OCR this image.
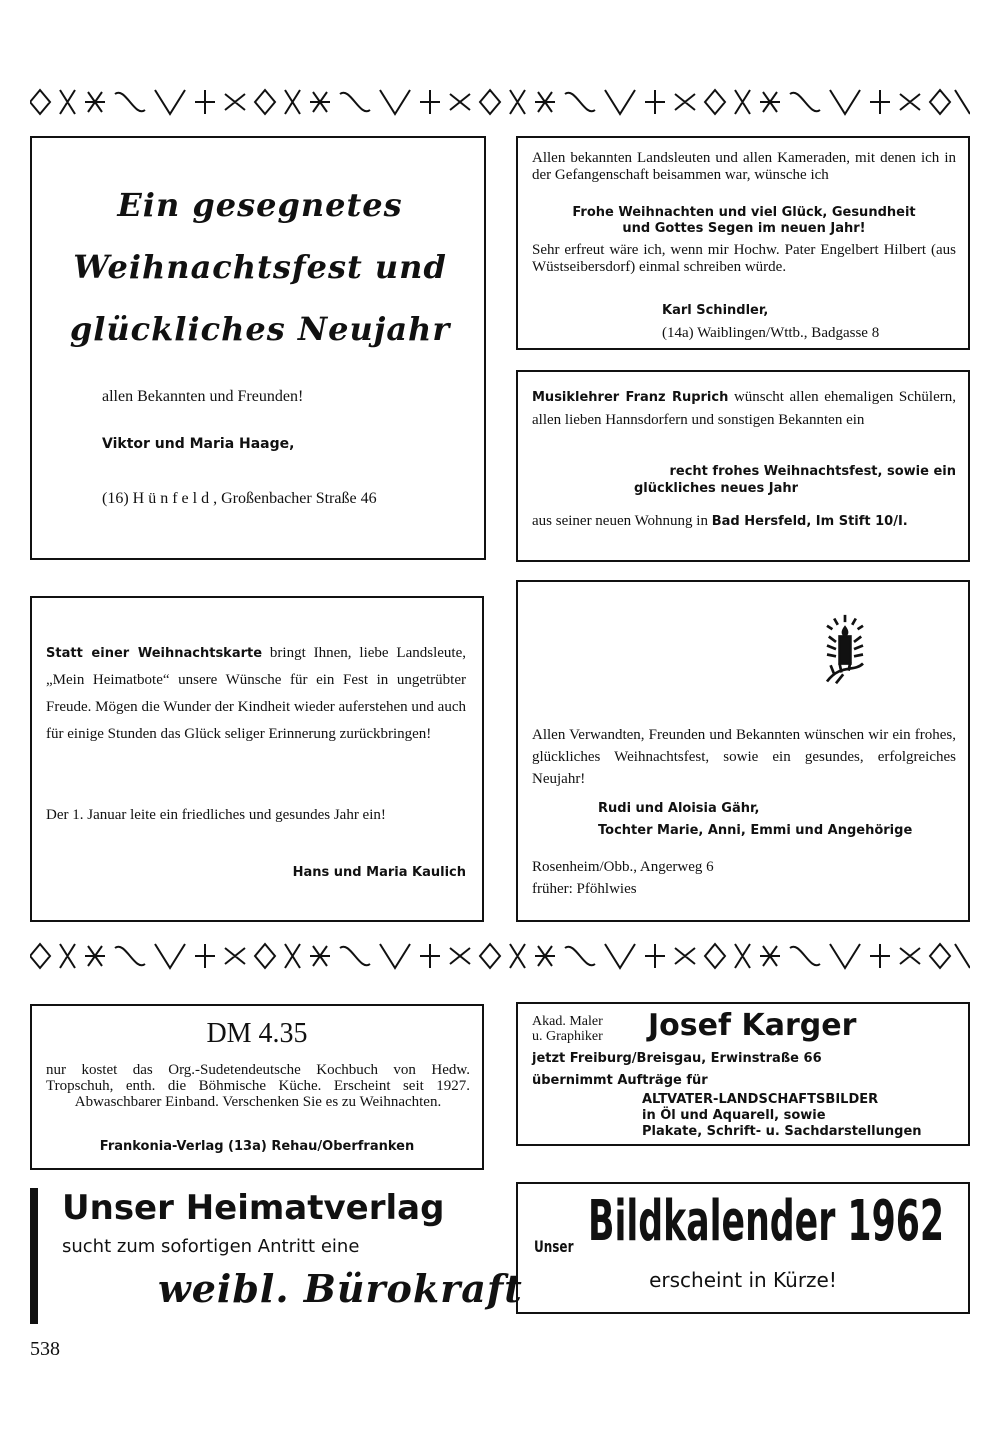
Ein gesegnetes
Weihnachtsfest und
glückliches Neujahr
allen Bekannten und Freunden!
Viktor und Maria Haage,
(16) H ü n f e l d , Großenbacher Straße 46
Allen bekannten Landsleuten und allen Kameraden, mit denen ich in der Gefangenschaft beisammen war, wünsche ich
Frohe Weihnachten und viel Glück, Gesundheit
und Gottes Segen im neuen Jahr!
Sehr erfreut wäre ich, wenn mir Hochw. Pater Engelbert Hilbert (aus Wüstseibersdorf) einmal schreiben würde.
Karl Schindler,
(14a) Waiblingen/Wttb., Badgasse 8
Musiklehrer Franz Ruprich wünscht allen ehemaligen Schülern, allen lieben Hannsdorfern und sonstigen Bekannten ein
recht frohes Weihnachtsfest, sowie ein
glückliches neues Jahr
aus seiner neuen Wohnung in Bad Hersfeld, Im Stift 10/I.
Statt einer Weihnachtskarte bringt Ihnen, liebe Landsleute, „Mein Heimatbote“ unsere Wünsche für ein Fest in ungetrübter Freude. Mögen die Wunder der Kindheit wieder auferstehen und auch für einige Stunden das Glück seliger Erinnerung zurückbringen!
Der 1. Januar leite ein friedliches und gesundes Jahr ein!
Hans und Maria Kaulich
Allen Verwandten, Freunden und Bekannten wünschen wir ein frohes, glückliches Weihnachtsfest, sowie ein gesundes, erfolgreiches Neujahr!
Rudi und Aloisia Gähr,
Tochter Marie, Anni, Emmi und Angehörige
Rosenheim/Obb., Angerweg 6
früher: Pföhlwies
DM 4.35
nur kostet das Org.-Sudetendeutsche Kochbuch von Hedw. Tropschuh, enth. die Böhmische Küche. Erscheint seit 1927. Abwaschbarer Einband. Verschenken Sie es zu Weihnachten.
Frankonia-Verlag (13a) Rehau/Oberfranken
Akad. Maler
u. Graphiker Josef Karger
jetzt Freiburg/Breisgau, Erwinstraße 66
übernimmt Aufträge für
ALTVATER-LANDSCHAFTSBILDER
in Öl und Aquarell, sowie
Plakate, Schrift- u. Sachdarstellungen
Unser Heimatverlag
sucht zum sofortigen Antritt eine
weibl. Bürokraft
Unser Bildkalender 1962
erscheint in Kürze!
538
